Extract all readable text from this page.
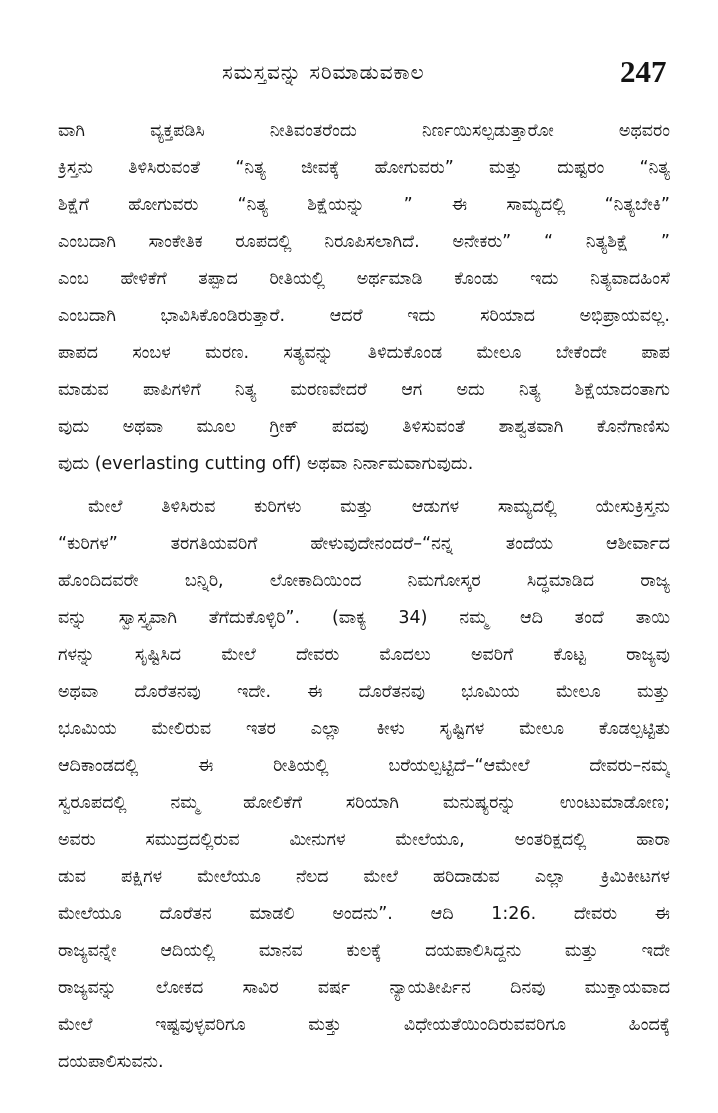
ಸಮಸ್ತವನ್ನು ಸರಿಮಾಡುವಕಾಲ	247
ವಾಗಿ ವ್ಯಕ್ತಪಡಿಸಿ ನೀತಿವಂತರೆಂದು ನಿರ್ಣಯಿಸಲ್ಪಡುತ್ತಾರೋ ಅಥವರಂ
ಕ್ರಿಸ್ತನು ತಿಳಿಸಿರುವಂತೆ “ನಿತ್ಯ ಜೀವಕ್ಕೆ ಹೋಗುವರು” ಮತ್ತು ದುಷ್ಟರಂ “ನಿತ್ಯ
ಶಿಕ್ಷೆಗೆ ಹೋಗುವರು “ನಿತ್ಯ ಶಿಕ್ಷೆಯನ್ನು ” ಈ ಸಾಮ್ಯದಲ್ಲಿ “ನಿತ್ಯಬೇಕಿ”
ಎಂಬದಾಗಿ ಸಾಂಕೇತಿಕ ರೂಪದಲ್ಲಿ ನಿರೂಪಿಸಲಾಗಿದೆ. ಅನೇಕರು” “ ನಿತ್ಯಶಿಕ್ಷೆ ”
ಎಂಬ ಹೇಳಿಕೆಗೆ ತಪ್ಪಾದ ರೀತಿಯಲ್ಲಿ ಅರ್ಥಮಾಡಿ ಕೊಂಡು ಇದು ನಿತ್ಯವಾದಹಿಂಸೆ
ಎಂಬದಾಗಿ ಭಾವಿಸಿಕೊಂಡಿರುತ್ತಾರೆ. ಆದರೆ ಇದು ಸರಿಯಾದ ಅಭಿಪ್ರಾಯವಲ್ಲ.
ಪಾಪದ ಸಂಬಳ ಮರಣ. ಸತ್ಯವನ್ನು ತಿಳಿದುಕೊಂಡ ಮೇಲೂ ಬೇಕೆಂದೇ ಪಾಪ
ಮಾಡುವ ಪಾಪಿಗಳಿಗೆ ನಿತ್ಯ ಮರಣವೇದರೆ ಆಗ ಅದು ನಿತ್ಯ ಶಿಕ್ಷೆಯಾದಂತಾಗು
ವುದು ಅಥವಾ ಮೂಲ ಗ್ರೀಕ್ ಪದವು ತಿಳಿಸುವಂತೆ ಶಾಶ್ವತವಾಗಿ ಕೊನೆಗಾಣಿಸು
ವುದು (everlasting cutting off) ಅಥವಾ ನಿರ್ನಾಮವಾಗುವುದು.
ಮೇಲೆ ತಿಳಿಸಿರುವ ಕುರಿಗಳು ಮತ್ತು ಆಡುಗಳ ಸಾಮ್ಯದಲ್ಲಿ ಯೇಸುಕ್ರಿಸ್ತನು
“ಕುರಿಗಳ” ತರಗತಿಯವರಿಗೆ ಹೇಳುವುದೇನಂದರೆ–“ನನ್ನ ತಂದೆಯ ಆಶೀರ್ವಾದ
ಹೊಂದಿದವರೇ ಬನ್ನಿರಿ, ಲೋಕಾದಿಯಿಂದ ನಿಮಗೋಸ್ಕರ ಸಿದ್ಧಮಾಡಿದ ರಾಜ್ಯ
ವನ್ನು ಸ್ವಾಸ್ತ್ಯವಾಗಿ ತೆಗೆದುಕೊಳ್ಳಿರಿ”. (ವಾಕ್ಯ 34) ನಮ್ಮ ಆದಿ ತಂದೆ ತಾಯಿ
ಗಳನ್ನು ಸೃಷ್ಟಿಸಿದ ಮೇಲೆ ದೇವರು ಮೊದಲು ಅವರಿಗೆ ಕೊಟ್ಟ ರಾಜ್ಯವು
ಅಥವಾ ದೊರೆತನವು ಇದೇ. ಈ ದೊರೆತನವು ಭೂಮಿಯ ಮೇಲೂ ಮತ್ತು
ಭೂಮಿಯ ಮೇಲಿರುವ ಇತರ ಎಲ್ಲಾ ಕೀಳು ಸೃಷ್ಟಿಗಳ ಮೇಲೂ ಕೊಡಲ್ಪಟ್ಟಿತು
ಆದಿಕಾಂಡದಲ್ಲಿ ಈ ರೀತಿಯಲ್ಲಿ ಬರೆಯಲ್ಪಟ್ಟಿದೆ–“ಆಮೇಲೆ ದೇವರು–ನಮ್ಮ
ಸ್ವರೂಪದಲ್ಲಿ ನಮ್ಮ ಹೋಲಿಕೆಗೆ ಸರಿಯಾಗಿ ಮನುಷ್ಯರನ್ನು ಉಂಟುಮಾಡೋಣ;
ಅವರು ಸಮುದ್ರದಲ್ಲಿರುವ ಮೀನುಗಳ ಮೇಲೆಯೂ, ಅಂತರಿಕ್ಷದಲ್ಲಿ ಹಾರಾ
ಡುವ ಪಕ್ಷಿಗಳ ಮೇಲೆಯೂ ನೆಲದ ಮೇಲೆ ಹರಿದಾಡುವ ಎಲ್ಲಾ ಕ್ರಿಮಿಕೀಟಗಳ
ಮೇಲೆಯೂ ದೊರೆತನ ಮಾಡಲಿ ಅಂದನು”. ಆದಿ 1:26. ದೇವರು ಈ
ರಾಜ್ಯವನ್ನೇ ಆದಿಯಲ್ಲಿ ಮಾನವ ಕುಲಕ್ಕೆ ದಯಪಾಲಿಸಿದ್ದನು ಮತ್ತು ಇದೇ
ರಾಜ್ಯವನ್ನು ಲೋಕದ ಸಾವಿರ ವರ್ಷ ನ್ಯಾಯತೀರ್ಪಿನ ದಿನವು ಮುಕ್ತಾಯವಾದ
ಮೇಲೆ ಇಷ್ಟವುಳ್ಳವರಿಗೂ ಮತ್ತು ವಿಧೇಯತೆಯಿಂದಿರುವವರಿಗೂ ಹಿಂದಕ್ಕೆ
ದಯಪಾಲಿಸುವನು.
